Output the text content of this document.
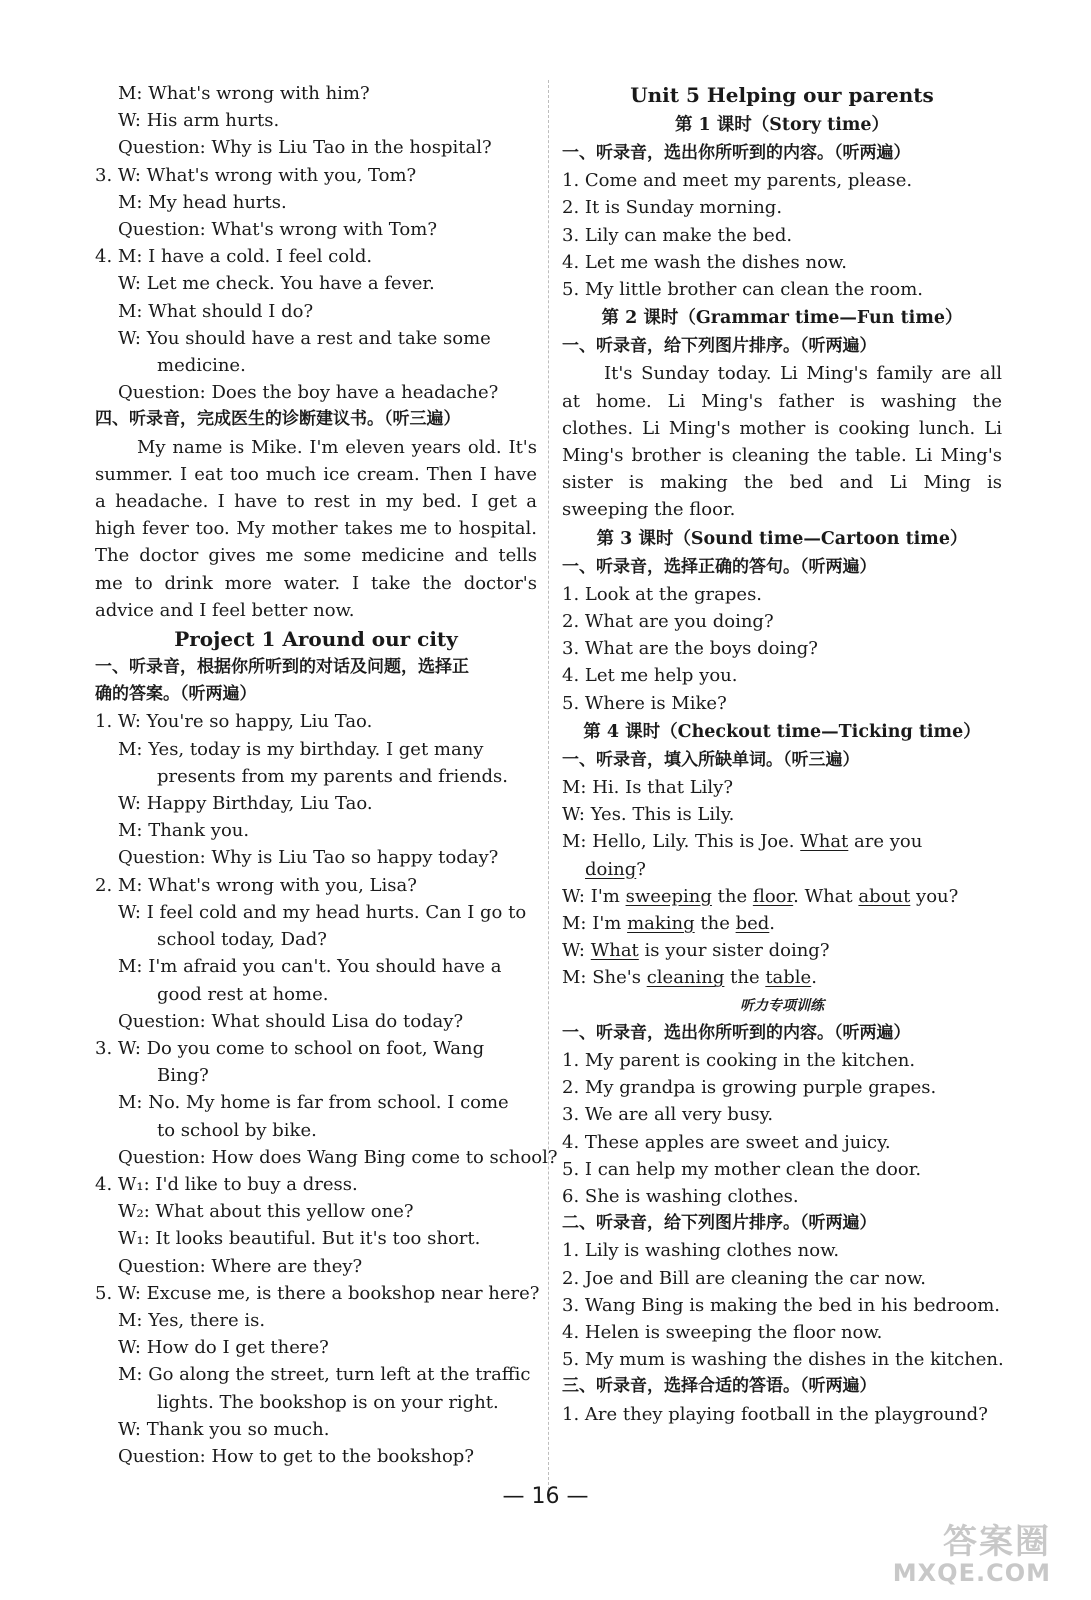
M: What's wrong with him?
W: His arm hurts.
Question: Why is Liu Tao in the hospital?
3. W: What's wrong with you, Tom?
M: My head hurts.
Question: What's wrong with Tom?
4. M: I have a cold. I feel cold.
W: Let me check. You have a fever.
M: What should I do?
W: You should have a rest and take some
medicine.
Question: Does the boy have a headache?
四、听录音，完成医生的诊断建议书。（听三遍）
My name is Mike. I'm eleven years old. It's summer. I eat too much ice cream. Then I have a headache. I have to rest in my bed. I get a high fever too. My mother takes me to hospital. The doctor gives me some medicine and tells me to drink more water. I take the doctor's advice and I feel better now.
Project 1 Around our city
一、听录音，根据你所听到的对话及问题，选择正
确的答案。（听两遍）
1. W: You're so happy, Liu Tao.
M: Yes, today is my birthday. I get many
presents from my parents and friends.
W: Happy Birthday, Liu Tao.
M: Thank you.
Question: Why is Liu Tao so happy today?
2. M: What's wrong with you, Lisa?
W: I feel cold and my head hurts. Can I go to
school today, Dad?
M: I'm afraid you can't. You should have a
good rest at home.
Question: What should Lisa do today?
3. W: Do you come to school on foot, Wang
Bing?
M: No. My home is far from school. I come
to school by bike.
Question: How does Wang Bing come to school?
4. W₁: I'd like to buy a dress.
W₂: What about this yellow one?
W₁: It looks beautiful. But it's too short.
Question: Where are they?
5. W: Excuse me, is there a bookshop near here?
M: Yes, there is.
W: How do I get there?
M: Go along the street, turn left at the traffic
lights. The bookshop is on your right.
W: Thank you so much.
Question: How to get to the bookshop?
Unit 5 Helping our parents
第 1 课时（Story time）
一、听录音，选出你所听到的内容。（听两遍）
1. Come and meet my parents, please.
2. It is Sunday morning.
3. Lily can make the bed.
4. Let me wash the dishes now.
5. My little brother can clean the room.
第 2 课时（Grammar time—Fun time）
一、听录音，给下列图片排序。（听两遍）
It's Sunday today. Li Ming's family are all at home. Li Ming's father is washing the clothes. Li Ming's mother is cooking lunch. Li Ming's brother is cleaning the table. Li Ming's sister is making the bed and Li Ming is sweeping the floor.
第 3 课时（Sound time—Cartoon time）
一、听录音，选择正确的答句。（听两遍）
1. Look at the grapes.
2. What are you doing?
3. What are the boys doing?
4. Let me help you.
5. Where is Mike?
第 4 课时（Checkout time—Ticking time）
一、听录音，填入所缺单词。（听三遍）
M: Hi. Is that Lily?
W: Yes. This is Lily.
M: Hello, Lily. This is Joe. What are you
doing?
W: I'm sweeping the floor. What about you?
M: I'm making the bed.
W: What is your sister doing?
M: She's cleaning the table.
听力专项训练
一、听录音，选出你所听到的内容。（听两遍）
1. My parent is cooking in the kitchen.
2. My grandpa is growing purple grapes.
3. We are all very busy.
4. These apples are sweet and juicy.
5. I can help my mother clean the door.
6. She is washing clothes.
二、听录音，给下列图片排序。（听两遍）
1. Lily is washing clothes now.
2. Joe and Bill are cleaning the car now.
3. Wang Bing is making the bed in his bedroom.
4. Helen is sweeping the floor now.
5. My mum is washing the dishes in the kitchen.
三、听录音，选择合适的答语。（听两遍）
1. Are they playing football in the playground?
— 16 —
答案圈
MXQE.COM
